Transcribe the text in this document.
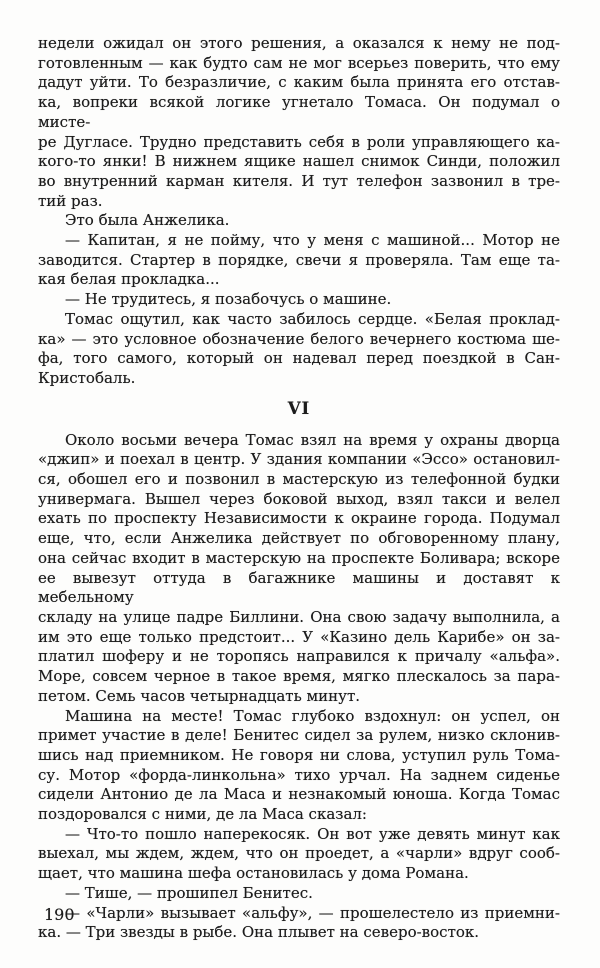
недели ожидал он этого решения, а оказался к нему не под-
готовленным — как будто сам не мог всерьез поверить, что ему
дадут уйти. То безразличие, с каким была принята его отстав-
ка, вопреки всякой логике угнетало Томаса. Он подумал о мисте-
ре Дугласе. Трудно представить себя в роли управляющего ка-
кого-то янки! В нижнем ящике нашел снимок Синди, положил
во внутренний карман кителя. И тут телефон зазвонил в тре-
тий раз.
Это была Анжелика.
— Капитан, я не пойму, что у меня с машиной... Мотор не
заводится. Стартер в порядке, свечи я проверяла. Там еще та-
кая белая прокладка...
— Не трудитесь, я позабочусь о машине.
Томас ощутил, как часто забилось сердце. «Белая проклад-
ка» — это условное обозначение белого вечернего костюма ше-
фа, того самого, который он надевал перед поездкой в Сан-
Кристобаль.
VI
Около восьми вечера Томас взял на время у охраны дворца
«джип» и поехал в центр. У здания компании «Эссо» остановил-
ся, обошел его и позвонил в мастерскую из телефонной будки
универмага. Вышел через боковой выход, взял такси и велел
ехать по проспекту Независимости к окраине города. Подумал
еще, что, если Анжелика действует по обговоренному плану,
она сейчас входит в мастерскую на проспекте Боливара; вскоре
ее вывезут оттуда в багажнике машины и доставят к мебельному
складу на улице падре Биллини. Она свою задачу выполнила, а
им это еще только предстоит... У «Казино дель Карибе» он за-
платил шоферу и не торопясь направился к причалу «альфа».
Море, совсем черное в такое время, мягко плескалось за пара-
петом. Семь часов четырнадцать минут.
Машина на месте! Томас глубоко вздохнул: он успел, он
примет участие в деле! Бенитес сидел за рулем, низко склонив-
шись над приемником. Не говоря ни слова, уступил руль Тома-
су. Мотор «форда-линкольна» тихо урчал. На заднем сиденье
сидели Антонио де ла Маса и незнакомый юноша. Когда Томас
поздоровался с ними, де ла Маса сказал:
— Что-то пошло наперекосяк. Он вот уже девять минут как
выехал, мы ждем, ждем, что он проедет, а «чарли» вдруг сооб-
щает, что машина шефа остановилась у дома Романа.
— Тише, — прошипел Бенитес.
— «Чарли» вызывает «альфу», — прошелестело из приемни-
ка. — Три звезды в рыбе. Она плывет на северо-восток.
190
